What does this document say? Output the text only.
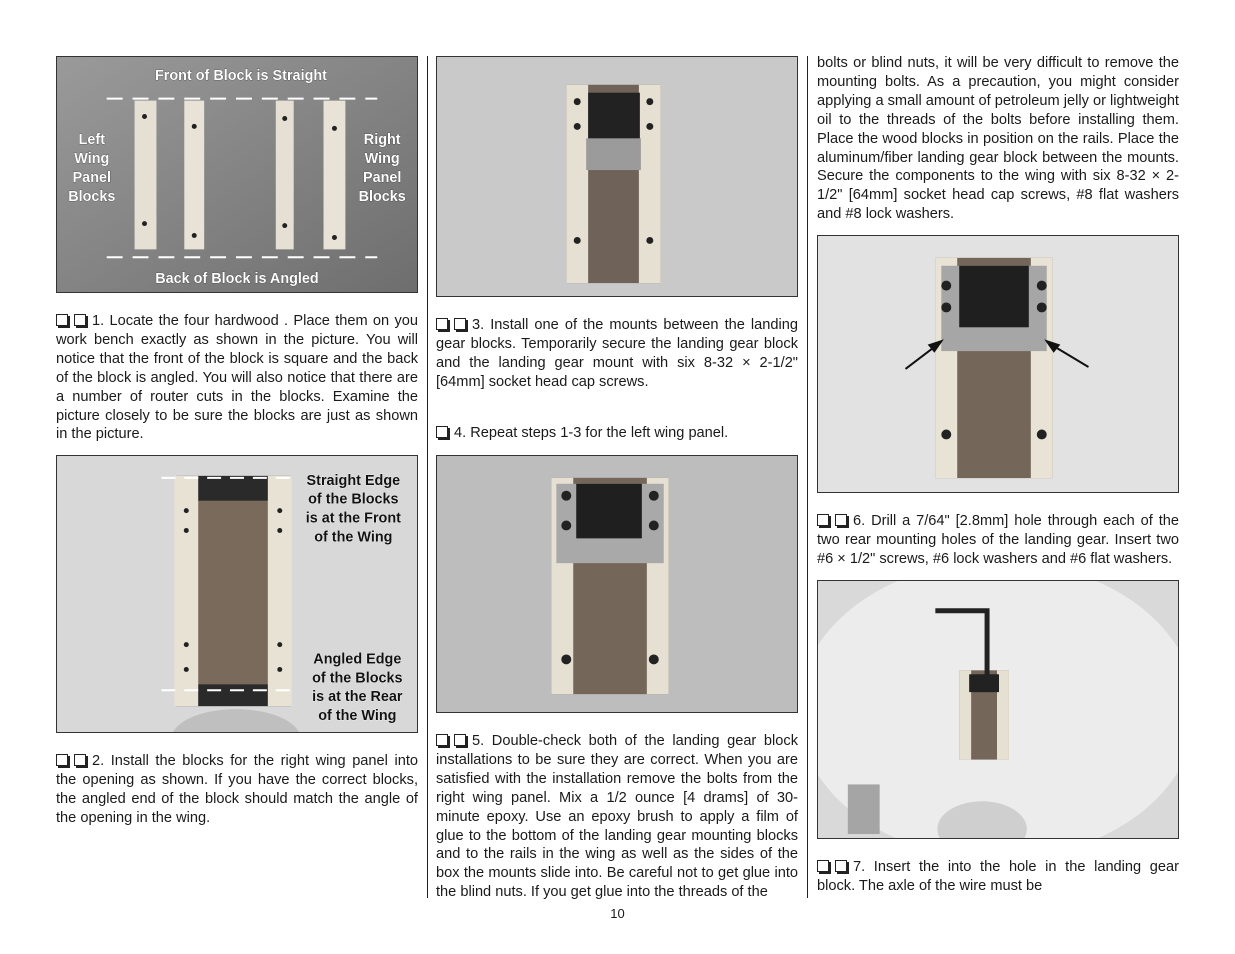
Front of Block is Straight
Back of Block is Angled
Left
Wing
Panel
Blocks
Right
Wing
Panel
Blocks

1. Locate the four hardwood . Place them on you work bench exactly as shown in the picture. You will notice that the front of the block is square and the back of the block is angled. You will also notice that there are a number of router cuts in the blocks. Examine the picture closely to be sure the blocks are just as shown in the picture.

Straight Edge
of the Blocks
is at the Front
of the Wing
Angled Edge
of the Blocks
is at the Rear
of the Wing

2. Install the blocks for the right wing panel into the opening as shown. If you have the correct blocks, the angled end of the block should match the angle of the opening in the wing.

3. Install one of the mounts between the landing gear blocks. Temporarily secure the landing gear block and the landing gear mount with six 8-32 × 2-1/2" [64mm] socket head cap screws.

4. Repeat steps 1-3 for the left wing panel.

5. Double-check both of the landing gear block installations to be sure they are correct. When you are satisfied with the installation remove the bolts from the right wing panel. Mix a 1/2 ounce [4 drams] of 30-minute epoxy. Use an epoxy brush to apply a film of glue to the bottom of the landing gear mounting blocks and to the rails in the wing as well as the sides of the box the mounts slide into. Be careful not to get glue into the blind nuts. If you get glue into the threads of the

bolts or blind nuts, it will be very difficult to remove the mounting bolts. As a precaution, you might consider applying a small amount of petroleum jelly or lightweight oil to the threads of the bolts before installing them. Place the wood blocks in position on the rails. Place the aluminum/fiber landing gear block between the mounts. Secure the components to the wing with six 8-32 × 2-1/2" [64mm] socket head cap screws, #8 flat washers and #8 lock washers.

6. Drill a 7/64" [2.8mm] hole through each of the two rear mounting holes of the landing gear. Insert two #6 × 1/2" screws, #6 lock washers and #6 flat washers.

7. Insert the into the hole in the landing gear block. The axle of the wire must be

10
